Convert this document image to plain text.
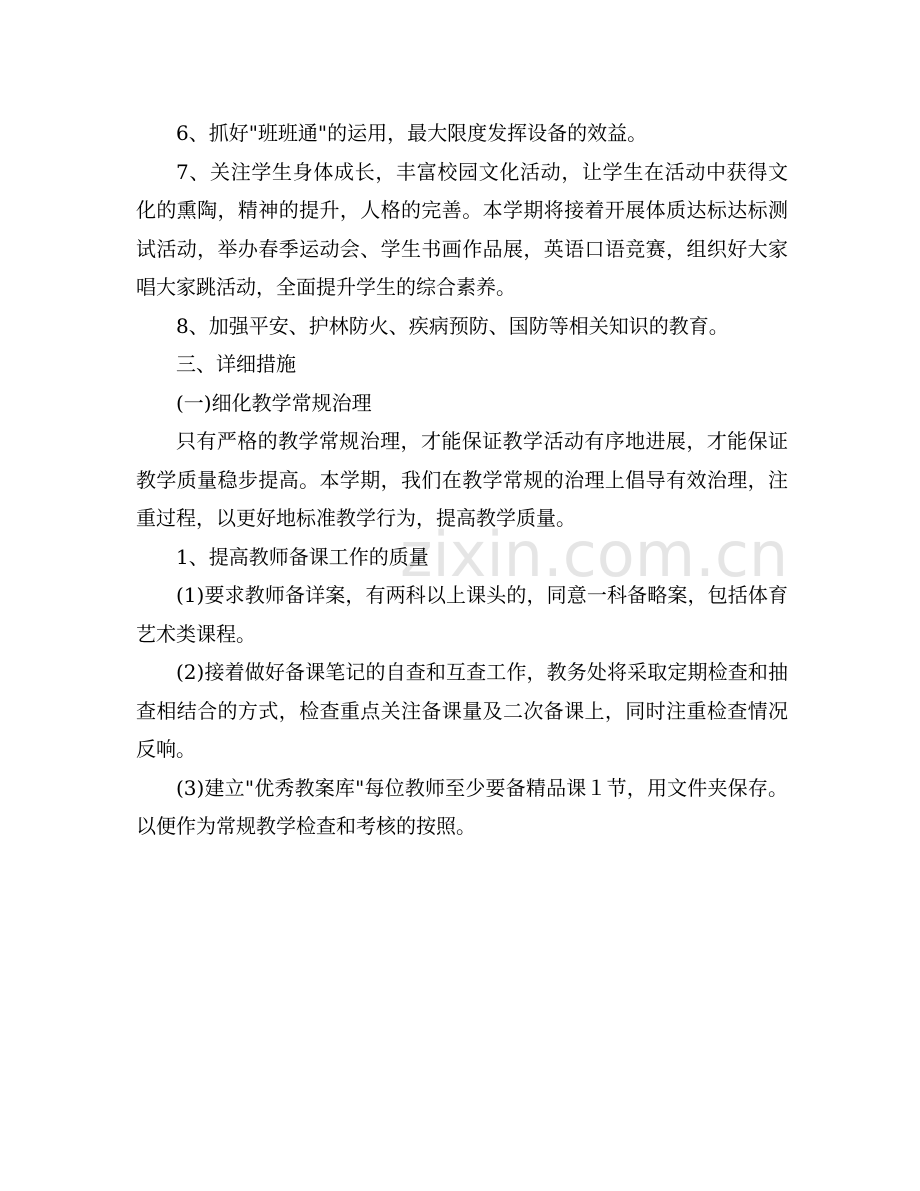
6、抓好"班班通"的运用，最大限度发挥设备的效益。

7、关注学生身体成长，丰富校园文化活动，让学生在活动中获得文化的熏陶，精神的提升，人格的完善。本学期将接着开展体质达标达标测试活动，举办春季运动会、学生书画作品展，英语口语竞赛，组织好大家唱大家跳活动，全面提升学生的综合素养。

8、加强平安、护林防火、疾病预防、国防等相关知识的教育。

三、详细措施

(一)细化教学常规治理

只有严格的教学常规治理，才能保证教学活动有序地进展，才能保证教学质量稳步提高。本学期，我们在教学常规的治理上倡导有效治理，注重过程，以更好地标准教学行为，提高教学质量。

1、提高教师备课工作的质量

(1)要求教师备详案，有两科以上课头的，同意一科备略案，包括体育艺术类课程。

(2)接着做好备课笔记的自查和互查工作，教务处将采取定期检查和抽查相结合的方式，检查重点关注备课量及二次备课上，同时注重检查情况反响。

(3)建立"优秀教案库"每位教师至少要备精品课１节，用文件夹保存。以便作为常规教学检查和考核的按照。

zixin.com.cn
